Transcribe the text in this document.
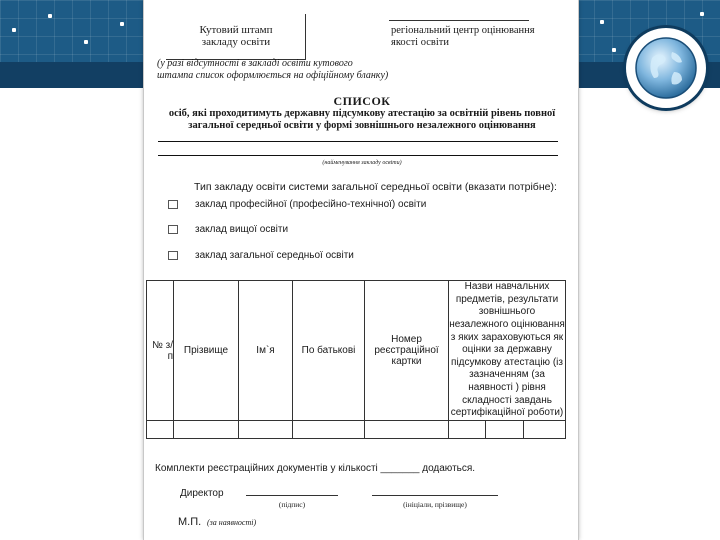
Кутовий штамп
закладу освіти
регіональний центр оцінювання
якості освіти
(у разі відсутності в закладі освіти кутового
штампа список оформлюється на офіційному бланку)
СПИСОК
осіб, які проходитимуть державну підсумкову атестацію за освітній рівень повної
загальної середньої освіти у формі зовнішнього незалежного оцінювання
(найменування закладу освіти)
Тип закладу освіти системи загальної середньої освіти (вказати потрібне):
заклад професійної (професійно-технічної) освіти
заклад вищої освіти
заклад загальної середньої освіти
№ з/п	Прізвище	Ім`я	По батькові	Номер реєстраційної картки	Назви навчальних предметів, результати зовнішнього незалежного оцінювання з яких зараховуються як оцінки за державну підсумкову атестацію (із зазначенням (за наявності ) рівня складності завдань сертифікаційної роботи)		

Комплекти реєстраційних документів у кількості _______ додаються.
Директор
(підпис)	(ініціали, прізвище)
М.П. (за наявності)
